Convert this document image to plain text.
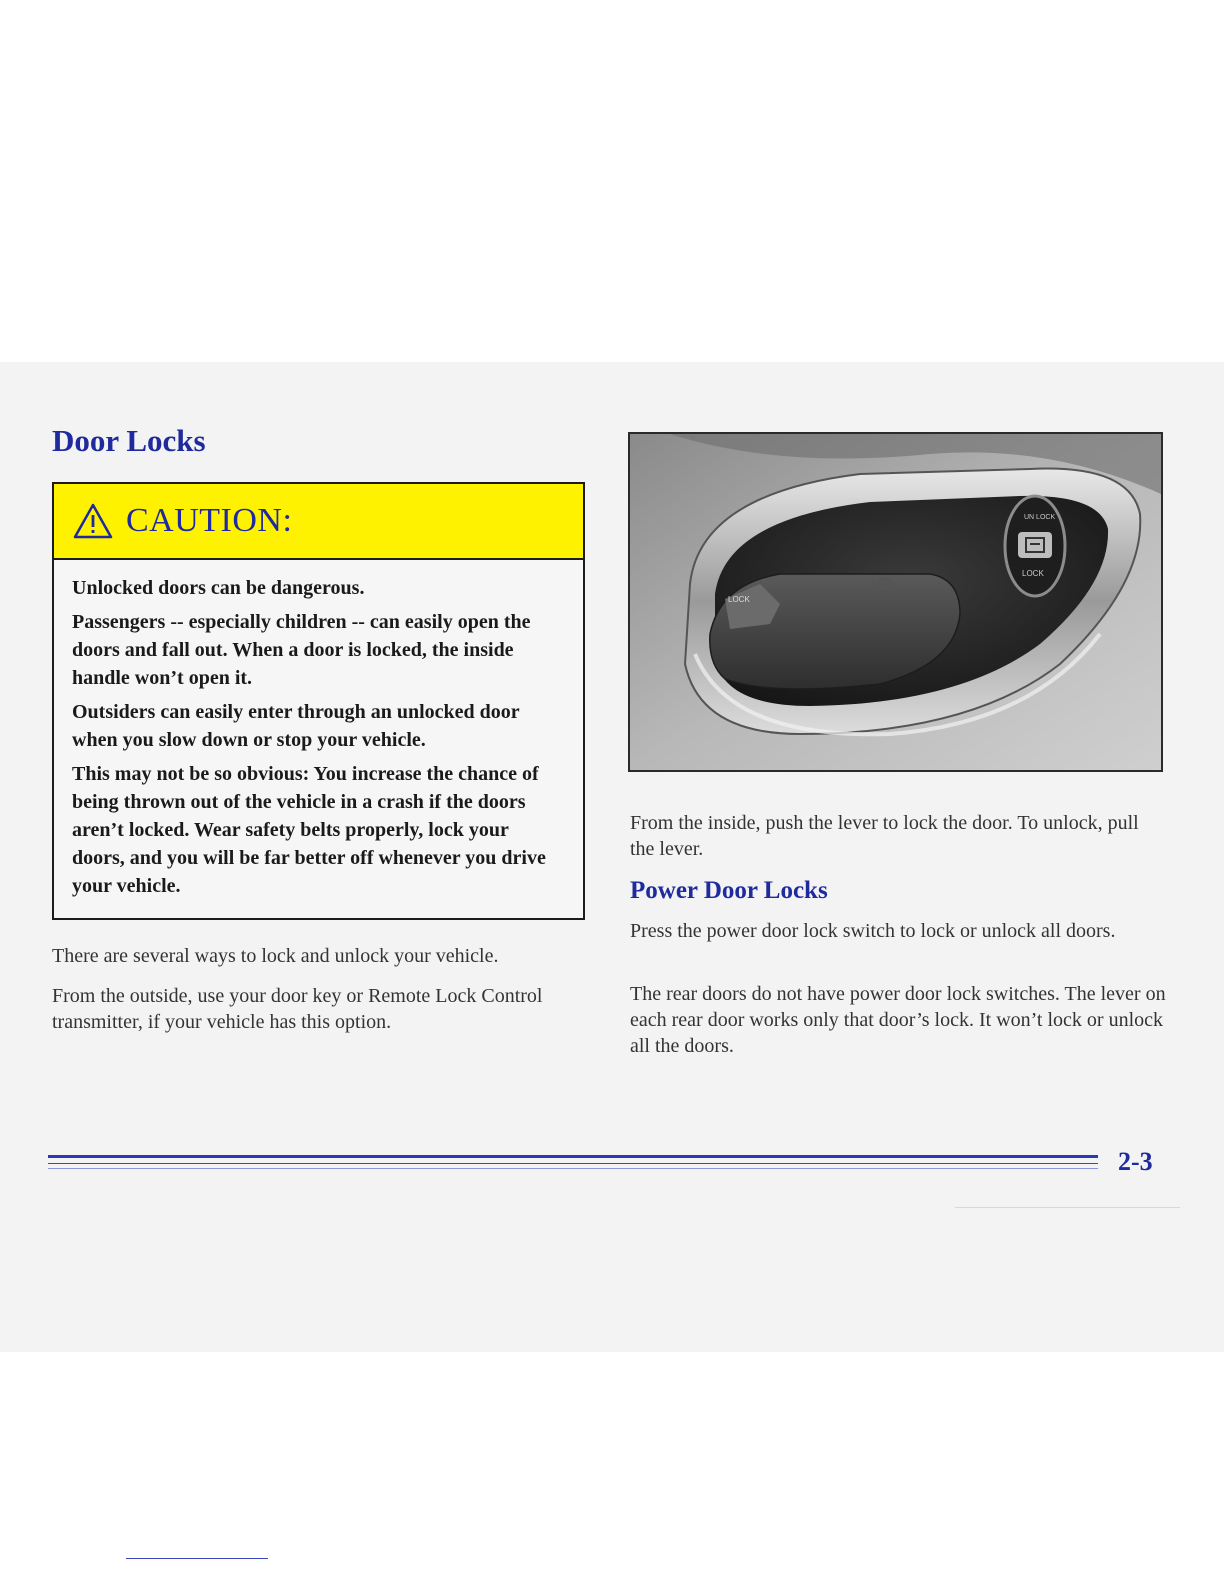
Door Locks
CAUTION:

Unlocked doors can be dangerous.

Passengers -- especially children -- can easily open the doors and fall out. When a door is locked, the inside handle won’t open it.

Outsiders can easily enter through an unlocked door when you slow down or stop your vehicle.

This may not be so obvious: You increase the chance of being thrown out of the vehicle in a crash if the doors aren’t locked. Wear safety belts properly, lock your doors, and you will be far better off whenever you drive your vehicle.

There are several ways to lock and unlock your vehicle.

From the outside, use your door key or Remote Lock Control transmitter, if your vehicle has this option.

LOCK
UN LOCK
LOCK

From the inside, push the lever to lock the door. To unlock, pull the lever.

Power Door Locks

Press the power door lock switch to lock or unlock all doors.

The rear doors do not have power door lock switches. The lever on each rear door works only that door’s lock. It won’t lock or unlock all the doors.

2-3
